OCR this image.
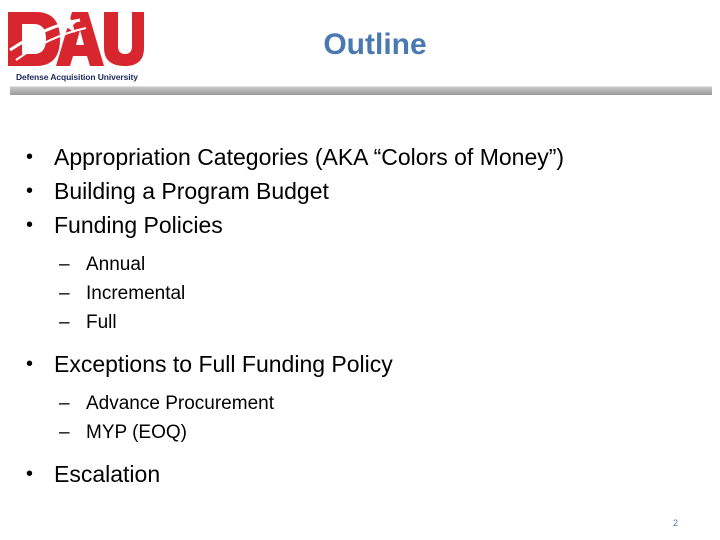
Defense Acquisition University
Outline
• Appropriation Categories (AKA “Colors of Money”)
• Building a Program Budget
• Funding Policies
– Annual
– Incremental
– Full
• Exceptions to Full Funding Policy
– Advance Procurement
– MYP (EOQ)
• Escalation
2
